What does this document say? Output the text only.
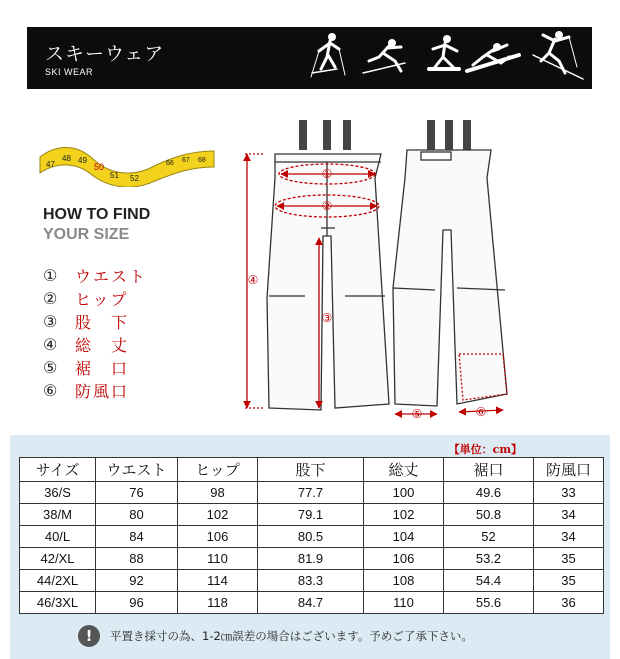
スキーウェア
SKI WEAR
47
48 49
50
51 52
66 67 68
HOW TO FIND
YOUR SIZE
①	ウエスト
②	ヒップ
③	股　下
④	総　丈
⑤	裾　口
⑥	防風口
①
②
③
④
⑤	⑥
【単位：cm】
サイズ	ウエスト	ヒップ	股下	総丈	裾口	防風口
36/S	76	98	77.7	100	49.6	33
38/M	80	102	79.1	102	50.8	34
40/L	84	106	80.5	104	52	34
42/XL	88	110	81.9	106	53.2	35
44/2XL	92	114	83.3	108	54.4	35
46/3XL	96	118	84.7	110	55.6	36
!	平置き採寸の為、1-2㎝誤差の場合はございます。予めご了承下さい。
